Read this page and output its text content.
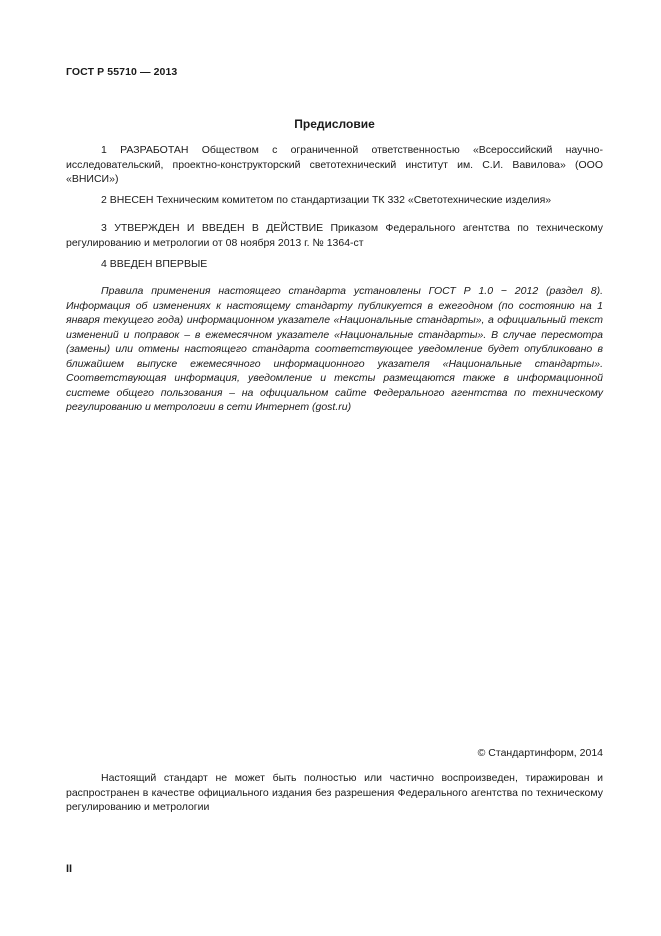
ГОСТ Р 55710 — 2013
Предисловие

1 РАЗРАБОТАН Обществом с ограниченной ответственностью «Всероссийский научно-исследовательский, проектно-конструкторский светотехнический институт им. С.И. Вавилова» (ООО «ВНИСИ»)

2 ВНЕСЕН Техническим комитетом по стандартизации ТК 332 «Светотехнические изделия»

3 УТВЕРЖДЕН И ВВЕДЕН В ДЕЙСТВИЕ Приказом Федерального агентства по техническому регулированию и метрологии от 08 ноября 2013 г. № 1364-ст

4 ВВЕДЕН ВПЕРВЫЕ

Правила применения настоящего стандарта установлены ГОСТ Р 1.0 − 2012 (раздел 8). Информация об изменениях к настоящему стандарту публикуется в ежегодном (по состоянию на 1 января текущего года) информационном указателе «Национальные стандарты», а официальный текст изменений и поправок – в ежемесячном указателе «Национальные стандарты». В случае пересмотра (замены) или отмены настоящего стандарта соответствующее уведомление будет опубликовано в ближайшем выпуске ежемесячного информационного указателя «Национальные стандарты». Соответствующая информация, уведомление и тексты размещаются также в информационной системе общего пользования – на официальном сайте Федерального агентства по техническому регулированию и метрологии в сети Интернет (gost.ru)

© Стандартинформ, 2014

Настоящий стандарт не может быть полностью или частично воспроизведен, тиражирован и распространен в качестве официального издания без разрешения Федерального агентства по техническому регулированию и метрологии

II
